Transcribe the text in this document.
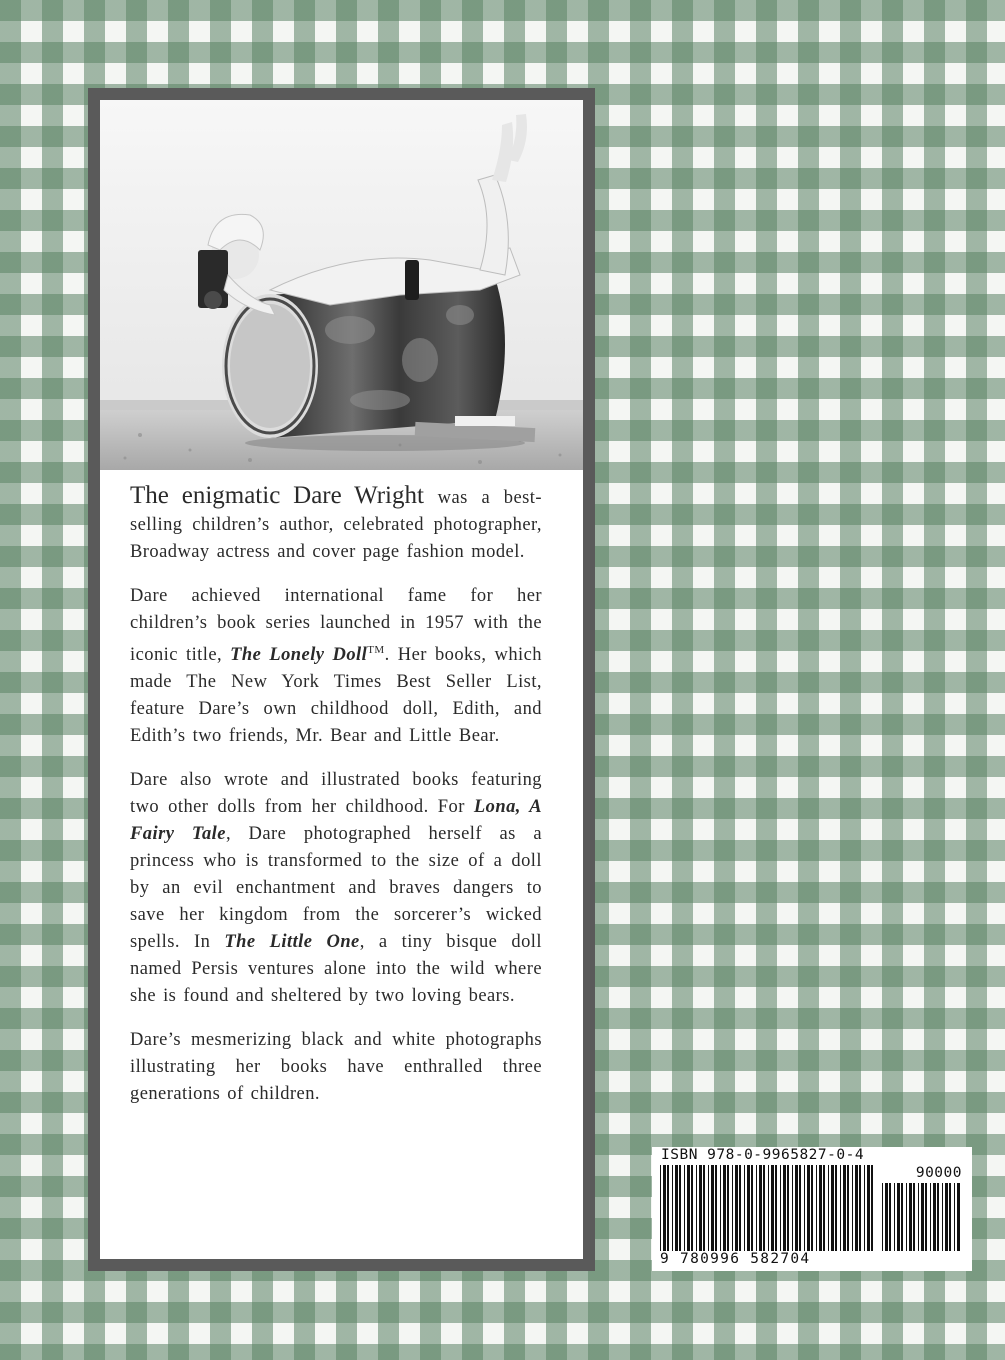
The enigmatic Dare Wright was a best-selling children’s author, celebrated photographer, Broadway actress and cover page fashion model.

Dare achieved international fame for her children’s book series launched in 1957 with the iconic title, The Lonely Doll™. Her books, which made The New York Times Best Seller List, feature Dare’s own childhood doll, Edith, and Edith’s two friends, Mr. Bear and Little Bear.

Dare also wrote and illustrated books featuring two other dolls from her childhood. For Lona, A Fairy Tale, Dare photographed herself as a princess who is transformed to the size of a doll by an evil enchantment and braves dangers to save her kingdom from the sorcerer’s wicked spells. In The Little One, a tiny bisque doll named Persis ventures alone into the wild where she is found and sheltered by two loving bears.

Dare’s mesmerizing black and white photographs illustrating her books have enthralled three generations of children.

ISBN 978-0-9965827-0-4
9 780996 582704
90000
